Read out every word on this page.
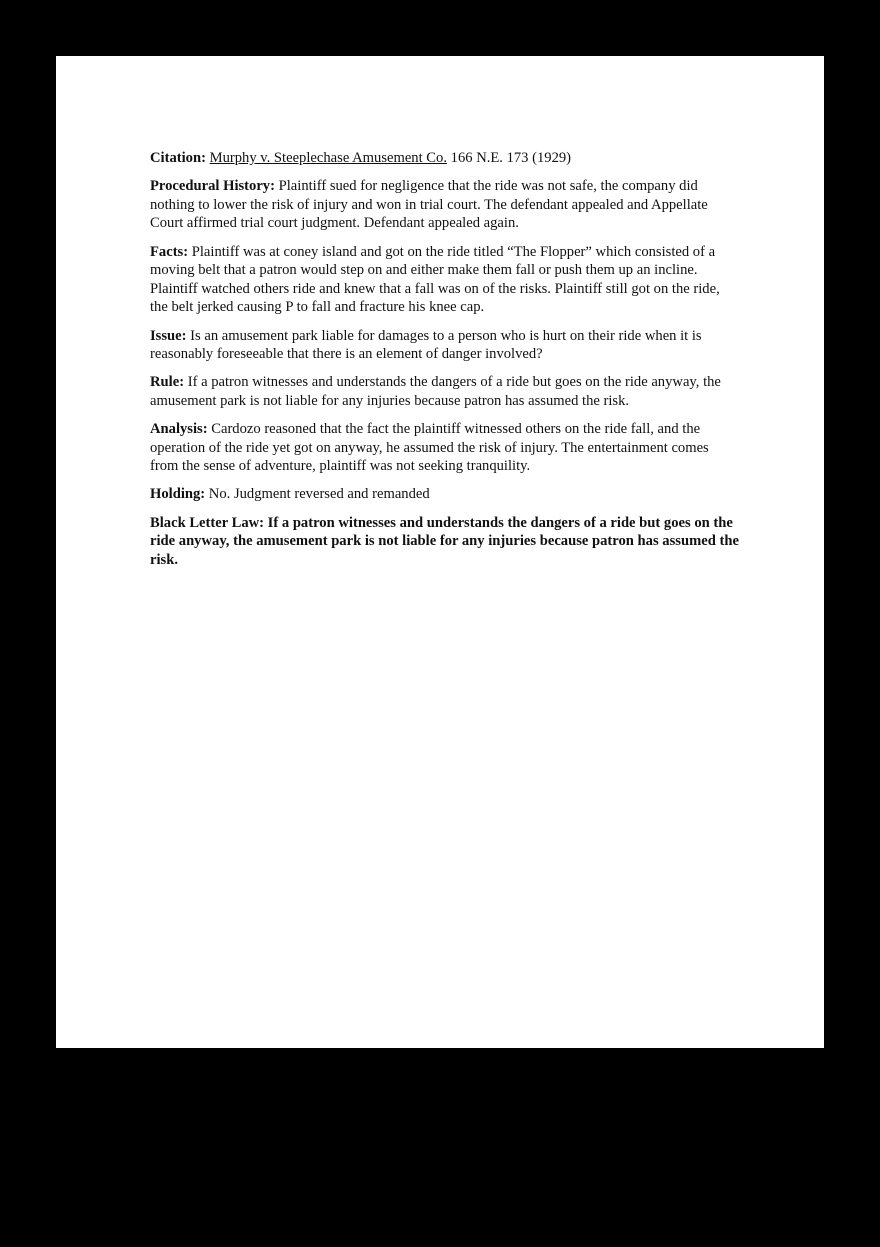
Citation: Murphy v. Steeplechase Amusement Co. 166 N.E. 173 (1929)

Procedural History: Plaintiff sued for negligence that the ride was not safe, the company did nothing to lower the risk of injury and won in trial court. The defendant appealed and Appellate Court affirmed trial court judgment. Defendant appealed again.

Facts: Plaintiff was at coney island and got on the ride titled “The Flopper” which consisted of a moving belt that a patron would step on and either make them fall or push them up an incline. Plaintiff watched others ride and knew that a fall was on of the risks. Plaintiff still got on the ride, the belt jerked causing P to fall and fracture his knee cap.

Issue: Is an amusement park liable for damages to a person who is hurt on their ride when it is reasonably foreseeable that there is an element of danger involved?

Rule: If a patron witnesses and understands the dangers of a ride but goes on the ride anyway, the amusement park is not liable for any injuries because patron has assumed the risk.

Analysis: Cardozo reasoned that the fact the plaintiff witnessed others on the ride fall, and the operation of the ride yet got on anyway, he assumed the risk of injury. The entertainment comes from the sense of adventure, plaintiff was not seeking tranquility.

Holding: No. Judgment reversed and remanded

Black Letter Law: If a patron witnesses and understands the dangers of a ride but goes on the ride anyway, the amusement park is not liable for any injuries because patron has assumed the risk.
